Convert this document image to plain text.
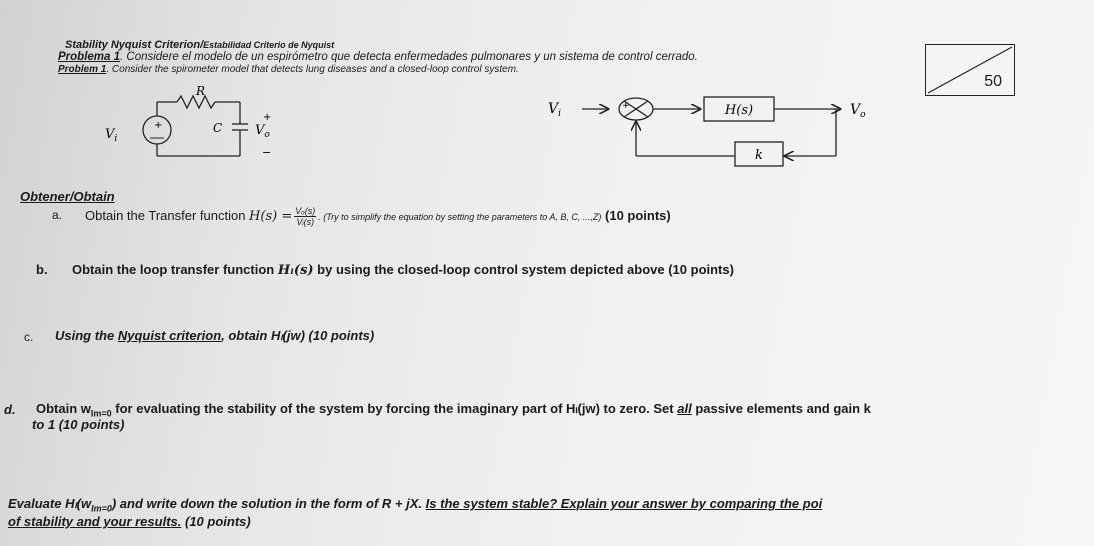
Stability Nyquist Criterion/Estabilidad Criterio de Nyquist
Problema 1. Considere el modelo de un espirómetro que detecta enfermedades pulmonares y un sistema de control cerrado.
Problem 1. Consider the spirometer model that detects lung diseases and a closed-loop control system.
50
+
$V_i$
R
C
+
$V_o$
−
$V_i$
+	H(s)
k
$V_o$
Obtener/Obtain
a. Obtain the Transfer function $H(s) = \frac{\text{Vₒ(s)}}{\text{Vᵢ(s)}}$ . (Try to simplify the equation by setting the parameters to A, B, C, ...,Z) (10 points)
b. Obtain the loop transfer function Hₗ(s) by using the closed-loop control system depicted above (10 points)
c. Using the Nyquist criterion, obtain Hₗ(jw) (10 points)
d. Obtain $w_{Im=0}$ for evaluating the stability of the system by forcing the imaginary part of Hₗ(jw) to zero. Set all passive elements and gain k
to 1 (10 points)
Evaluate $H_l(w_{Im=0})$ and write down the solution in the form of R + jX. Is the system stable? Explain your answer by comparing the poi
of stability and your results. (10 points)
